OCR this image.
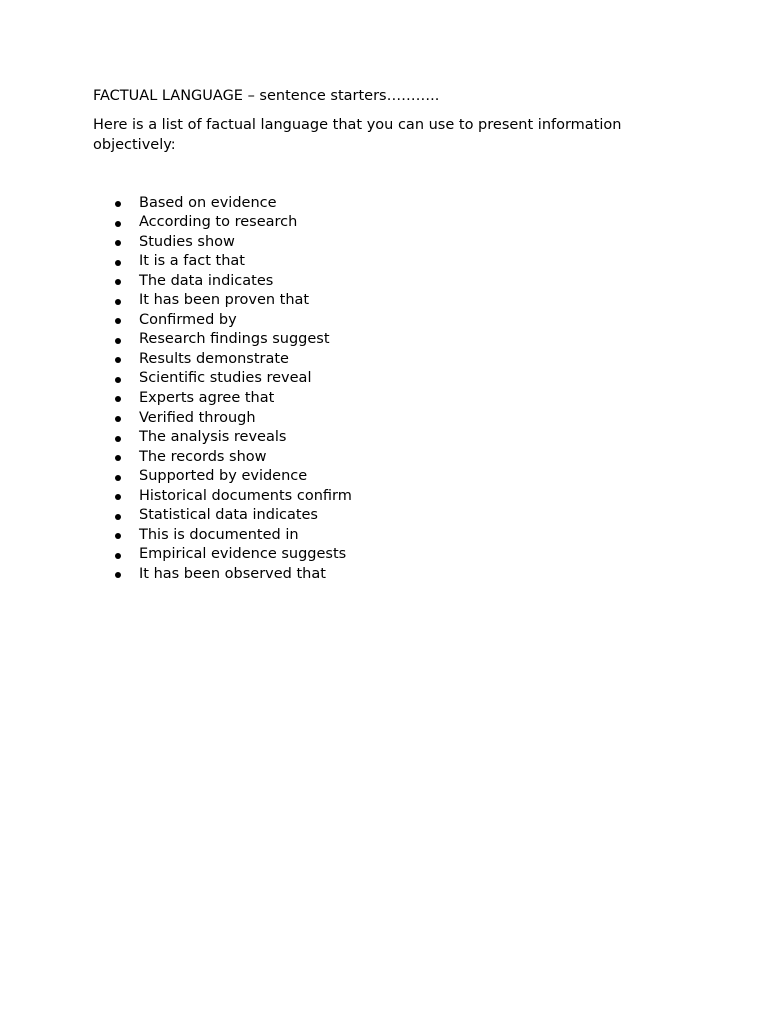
FACTUAL LANGUAGE – sentence starters………..
Here is a list of factual language that you can use to present information objectively:
Based on evidence
According to research
Studies show
It is a fact that
The data indicates
It has been proven that
Confirmed by
Research findings suggest
Results demonstrate
Scientific studies reveal
Experts agree that
Verified through
The analysis reveals
The records show
Supported by evidence
Historical documents confirm
Statistical data indicates
This is documented in
Empirical evidence suggests
It has been observed that
